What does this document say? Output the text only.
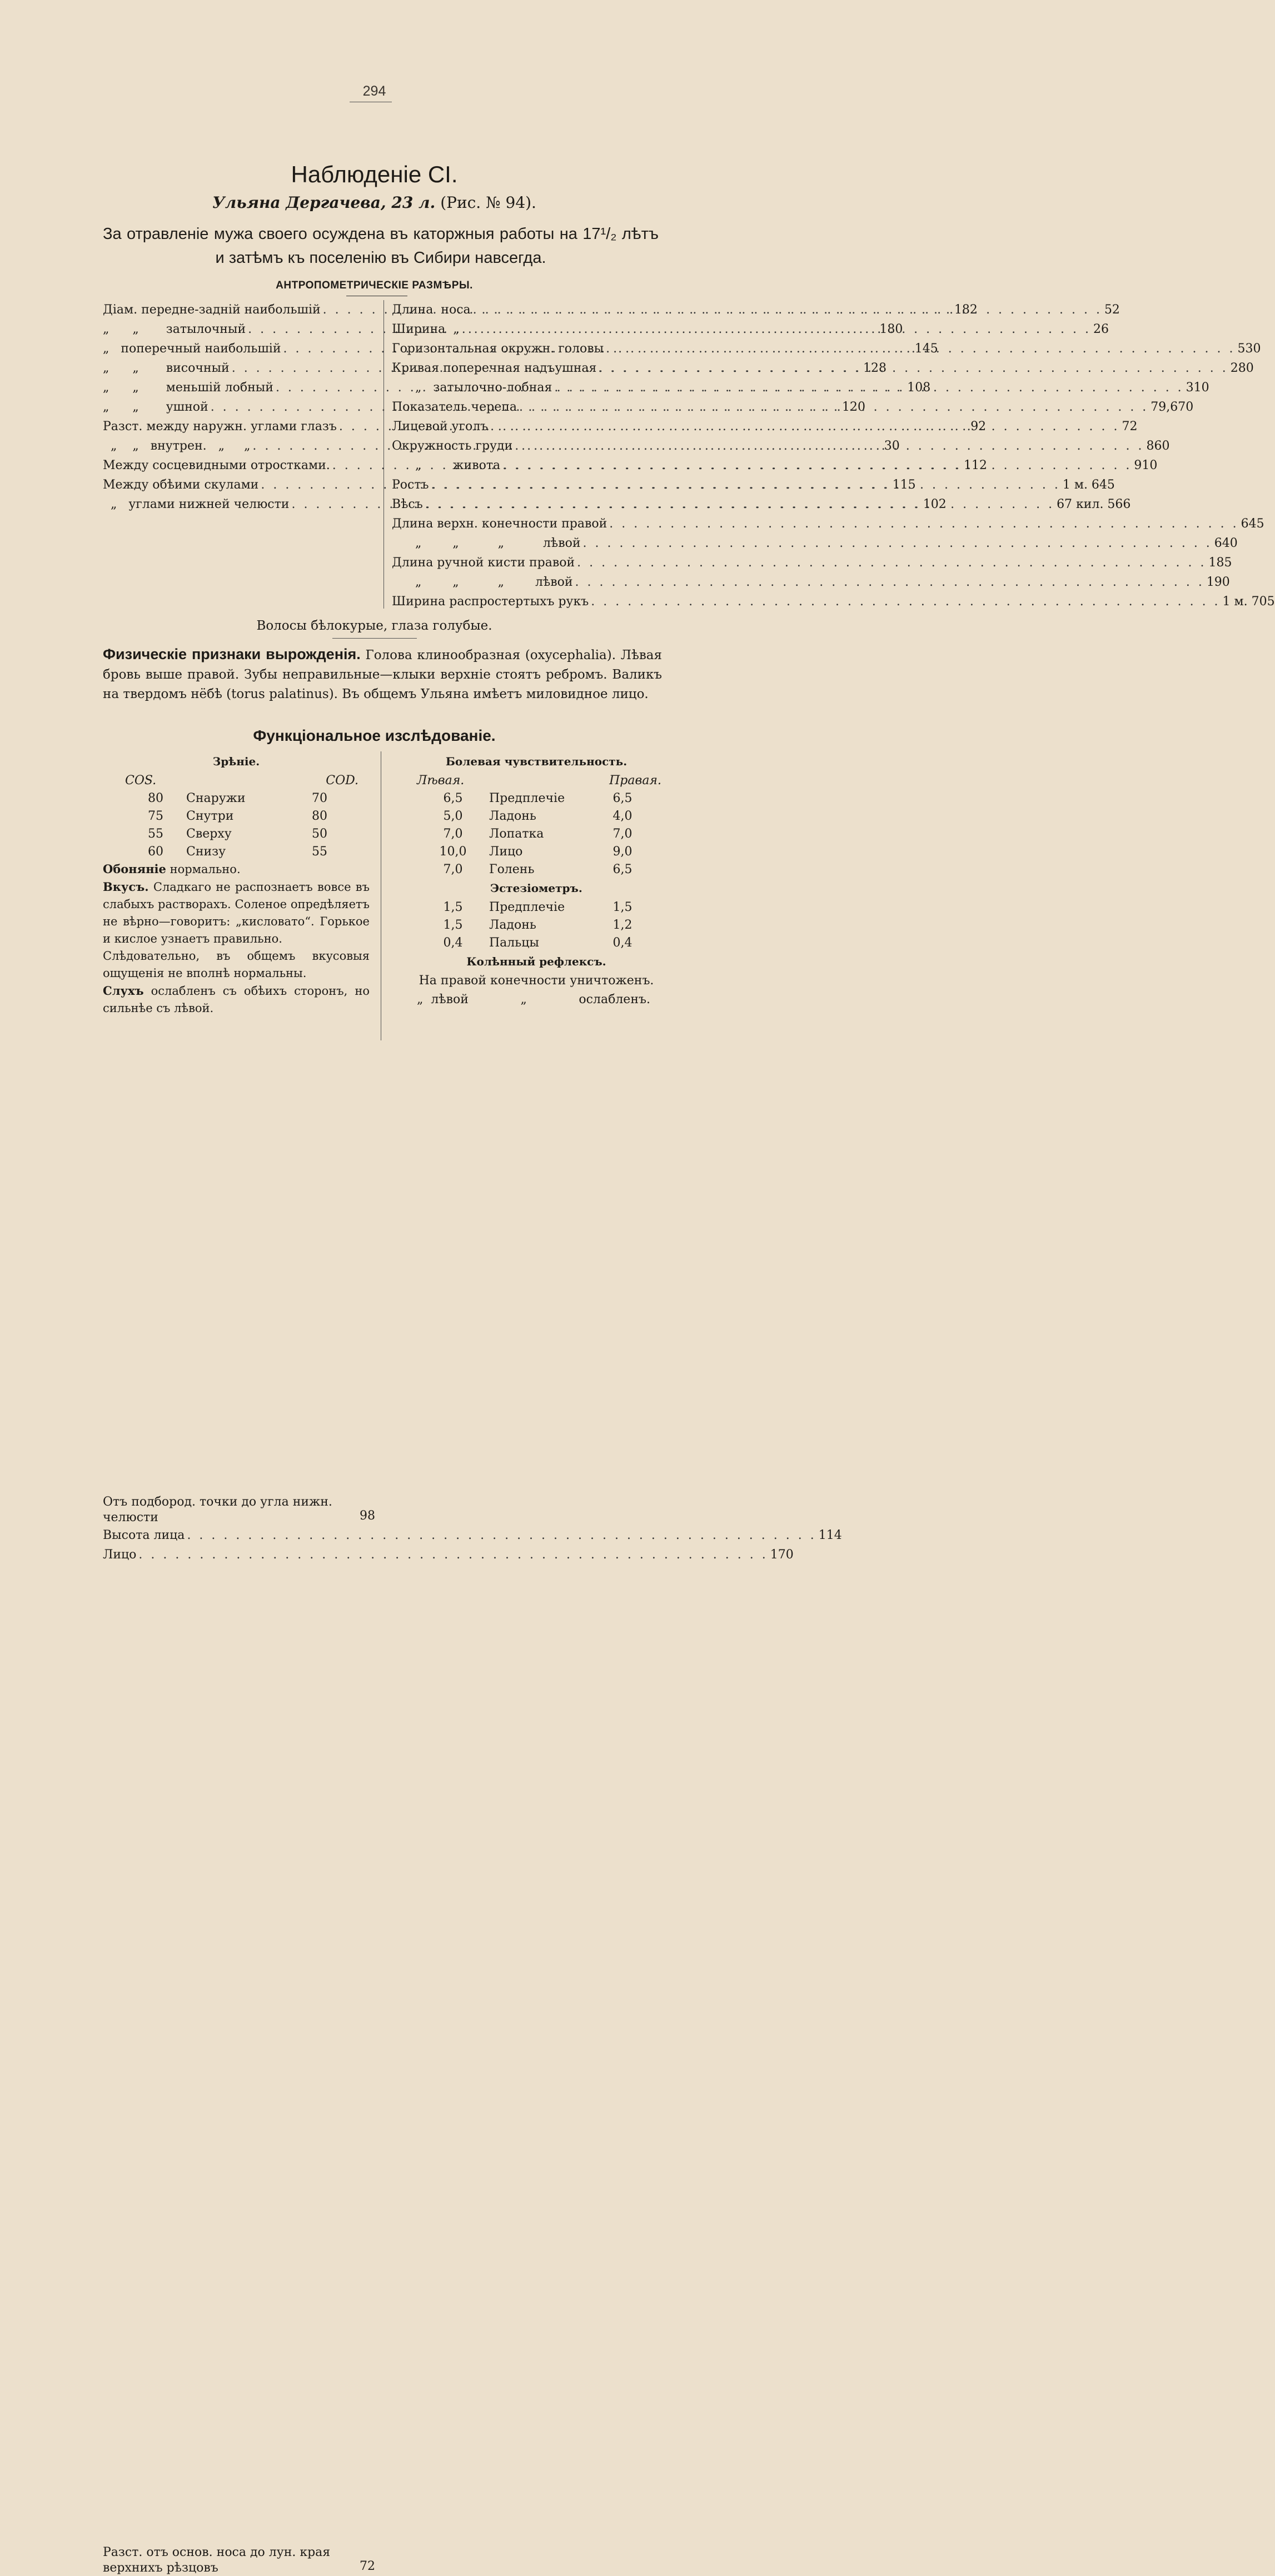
294
Наблюденіе CI.
Ульяна Дергачева, 23 л. (Рис. № 94).
За отравленіе мужа своего осуждена въ каторжныя работы на 17¹/₂ лѣтъ и затѣмъ къ поселенію въ Сибири навсегда.
АНТРОПОМЕТРИЧЕСКІЕ РАЗМѢРЫ.
Діам. передне-задній наибольшій . . .	182
„      „       затылочный . . .	180
„   поперечный наибольшій . . .	145
„      „       височный . . .	128
„      „       меньшій лобный . . .	108
„      „       ушной . . .	120
Разст. между наружн. углами глазъ . . .	92
„    „   внутрен.   „     „ . . .	30
Между сосцевидными отростками. . . .	112
Между обѣими скулами . . .	115
„   углами нижней челюсти . . .	102
Отъ подбород. точки до угла нижн. челюсти	98
Высота лица . . .	114
Лицо . . .	170
Разст. отъ основ. носа до лун. края верхнихъ рѣзцовъ	72
Длина  носа . . .	52
Ширина  „ . . .	26
Горизонтальная окружн. головы . . .	530
Кривая поперечная надъушная . . .	280
„   затылочно-лобная . . .	310
Показатель черепа . . .	79,670
Лицевой уголъ . . .	72
Окружность груди . . .	860
„        живота . . .	910
Ростъ . . .	1 м. 645
Вѣсъ . . .	67 кил. 566
Длина верхн. конечности правой . . .	645
„        „          „          лѣвой . . .	640
Длина ручной кисти правой . . .	185
„        „          „        лѣвой . . .	190
Ширина распростертыхъ рукъ . . .	1 м. 705
Волосы бѣлокурые, глаза голубые.
Физическіе признаки вырожденія. Голова клинообразная (oxycephalia). Лѣвая бровь выше правой. Зубы неправильные—клыки верхніе стоятъ ребромъ. Валикъ на твердомъ нёбѣ (torus palatinus). Въ общемъ Ульяна имѣетъ миловидное лицо.
Функціональное изслѣдованіе.
Зрѣніе.
COS.		COD.
80	Снаружи	70
75	Снутри	80
55	Сверху	50
60	Снизу	55
Обоняніе нормально.
Вкусъ. Сладкаго не распознаетъ вовсе въ слабыхъ растворахъ. Соленое опредѣляетъ не вѣрно—говоритъ: „кисловато“. Горькое и кислое узнаетъ правильно.
Слѣдовательно, въ общемъ вкусовыя ощущенія не вполнѣ нормальны.
Слухъ ослабленъ съ обѣихъ сторонъ, но сильнѣе съ лѣвой.
Болевая чувствительность.
Лѣвая.		Правая.
6,5	Предплечіе	6,5
5,0	Ладонь	4,0
7,0	Лопатка	7,0
10,0	Лицо	9,0
7,0	Голень	6,5
Эстезіометръ.
1,5	Предплечіе	1,5
1,5	Ладонь	1,2
0,4	Пальцы	0,4
Колѣнный рефлексъ.
На правой конечности уничтоженъ.
„  лѣвой	„	ослабленъ.
